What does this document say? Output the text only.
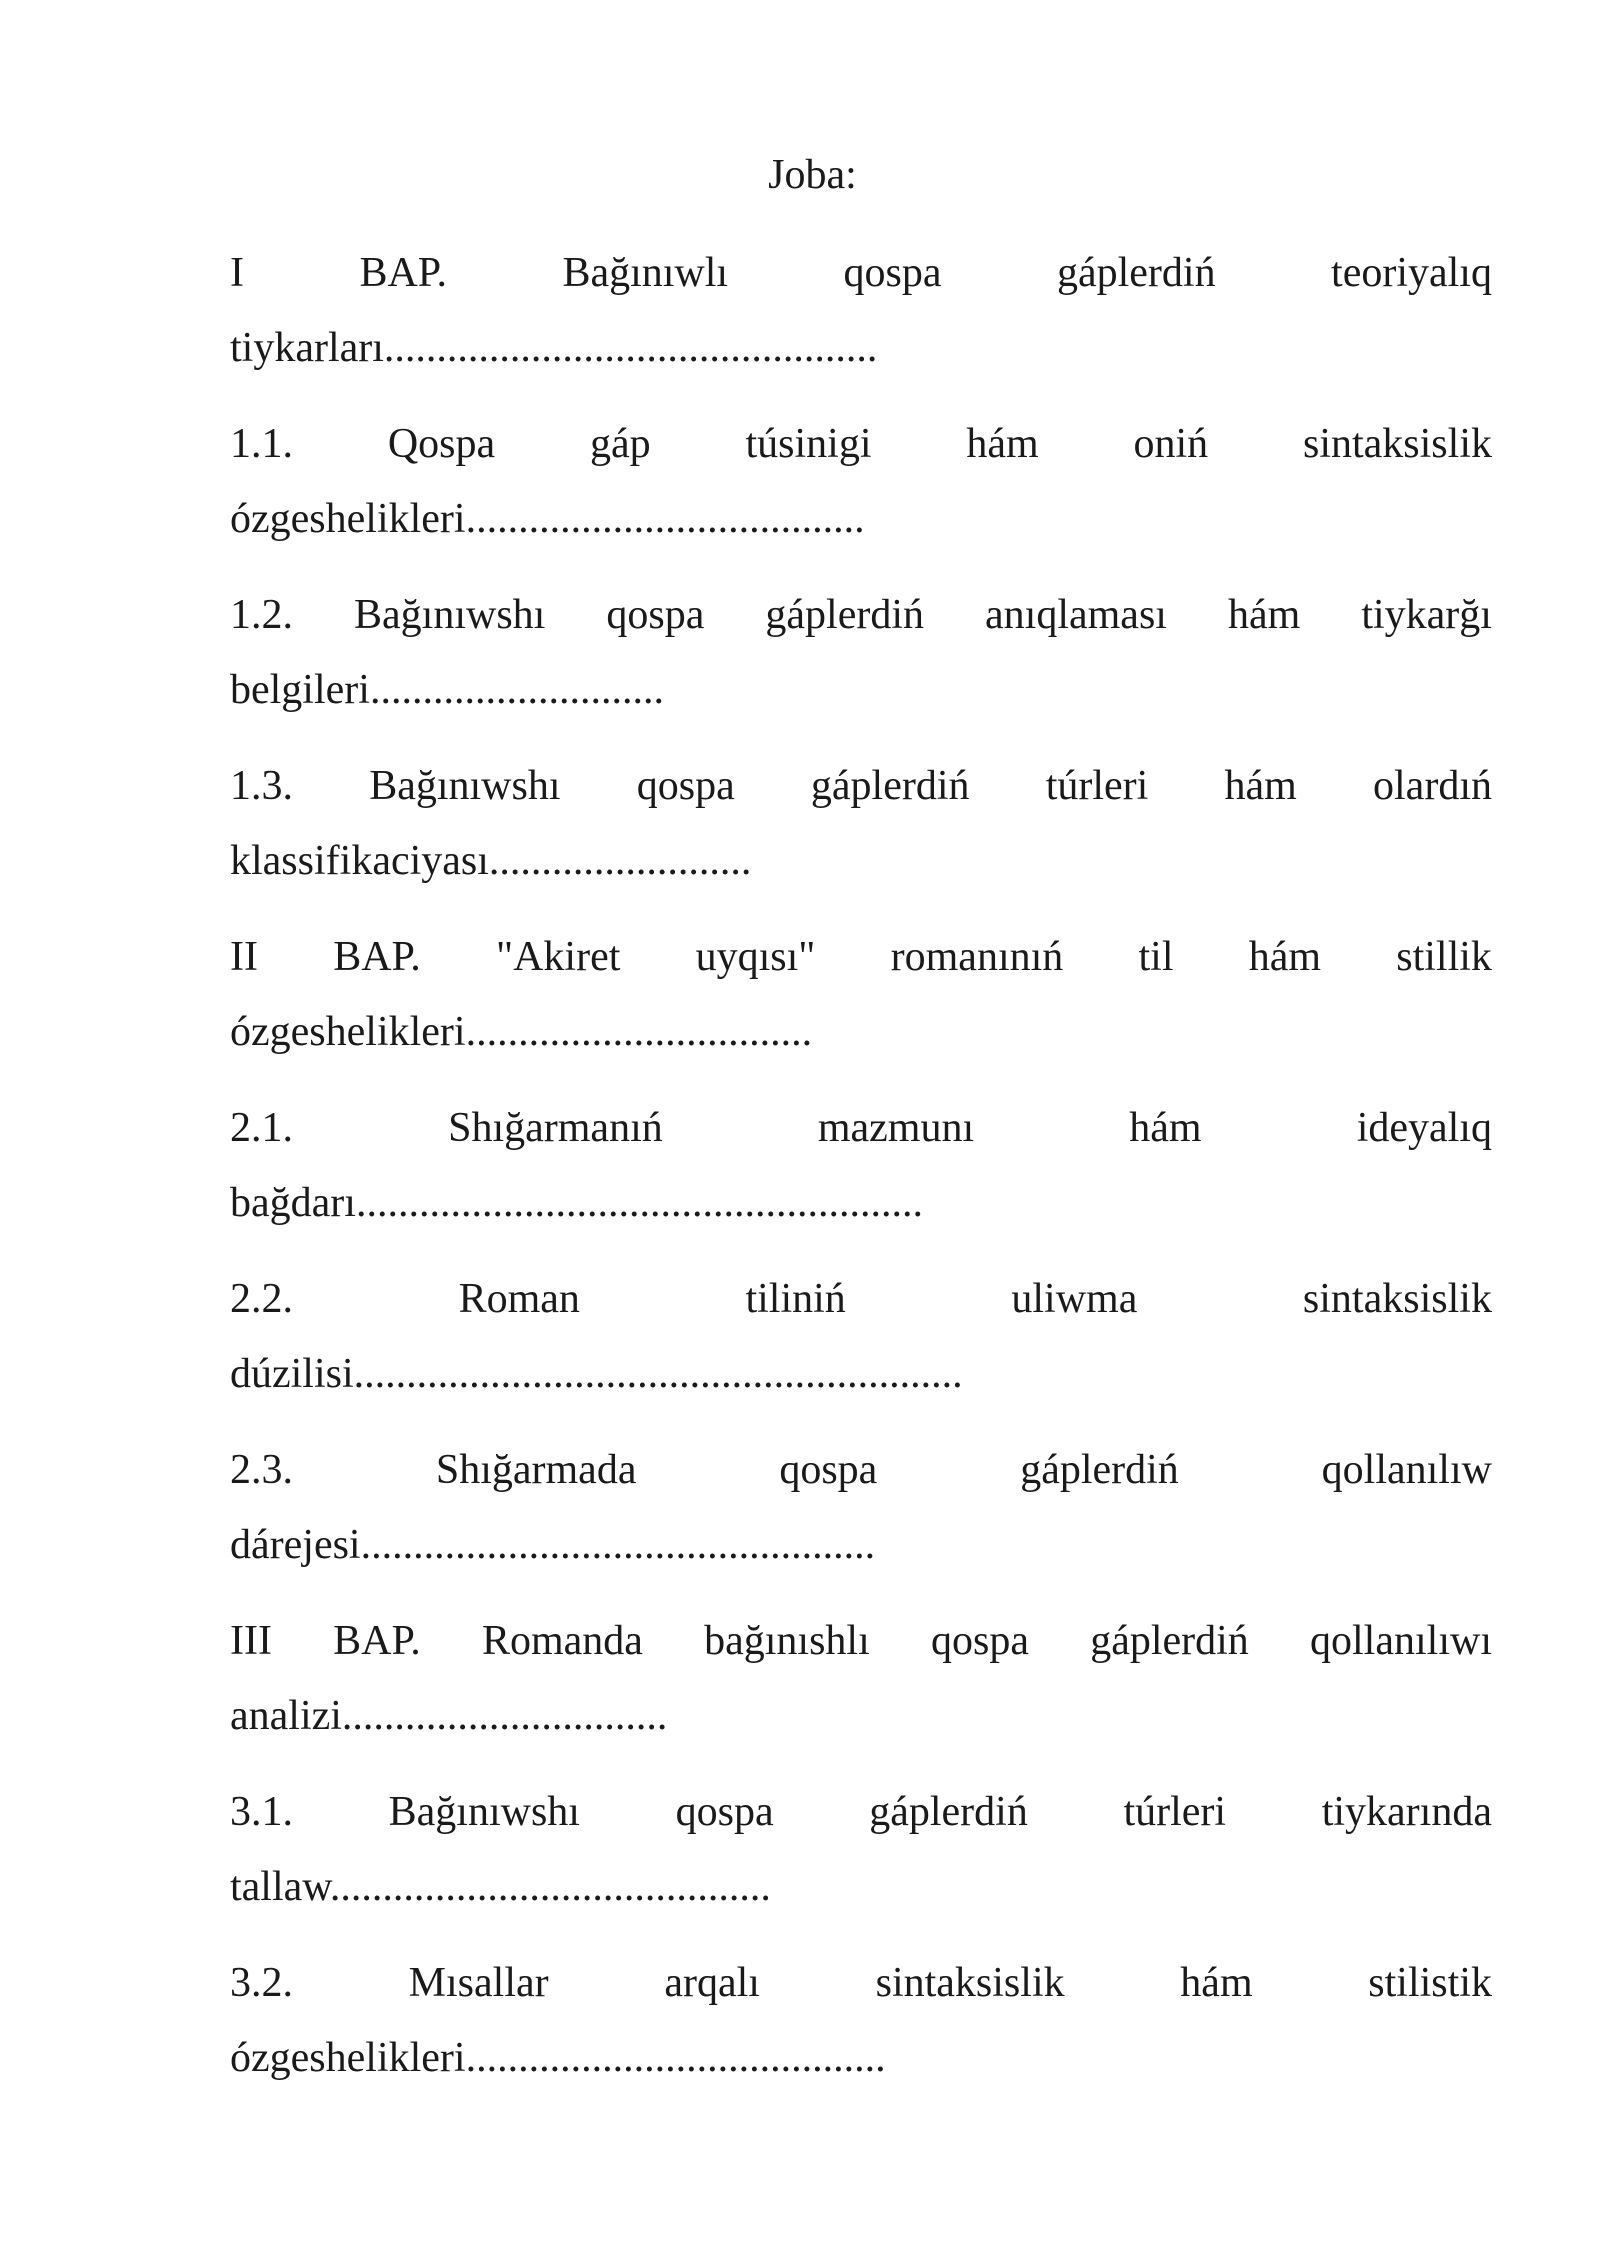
Joba:
I	BAP.	Bağınıwlı	qospa	gáplerdiń	teoriyalıq
tiykarları...............................................
1.1. Qospa gáp túsinigi hám oniń sintaksislik
ózgeshelikleri......................................
1.2. Bağınıwshı qospa gáplerdiń anıqlaması hám tiykarğı
belgileri............................
1.3. Bağınıwshı qospa gáplerdiń túrleri hám olardıń
klassifikaciyası.........................
II BAP. "Akiret uyqısı" romanınıń til hám stillik
ózgeshelikleri.................................
2.1.	Shığarmanıń	mazmunı	hám	ideyalıq
bağdarı......................................................
2.2.	Roman	tiliniń	uliwma	sintaksislik
dúzilisi..........................................................
2.3.	Shığarmada	qospa	gáplerdiń	qollanılıw
dárejesi.................................................
III BAP. Romanda bağınıshlı qospa gáplerdiń qollanılıwı
analizi...............................
3.1. Bağınıwshı qospa gáplerdiń túrleri tiykarında
tallaw..........................................
3.2.	Mısallar	arqalı	sintaksislik	hám	stilistik
ózgeshelikleri........................................
